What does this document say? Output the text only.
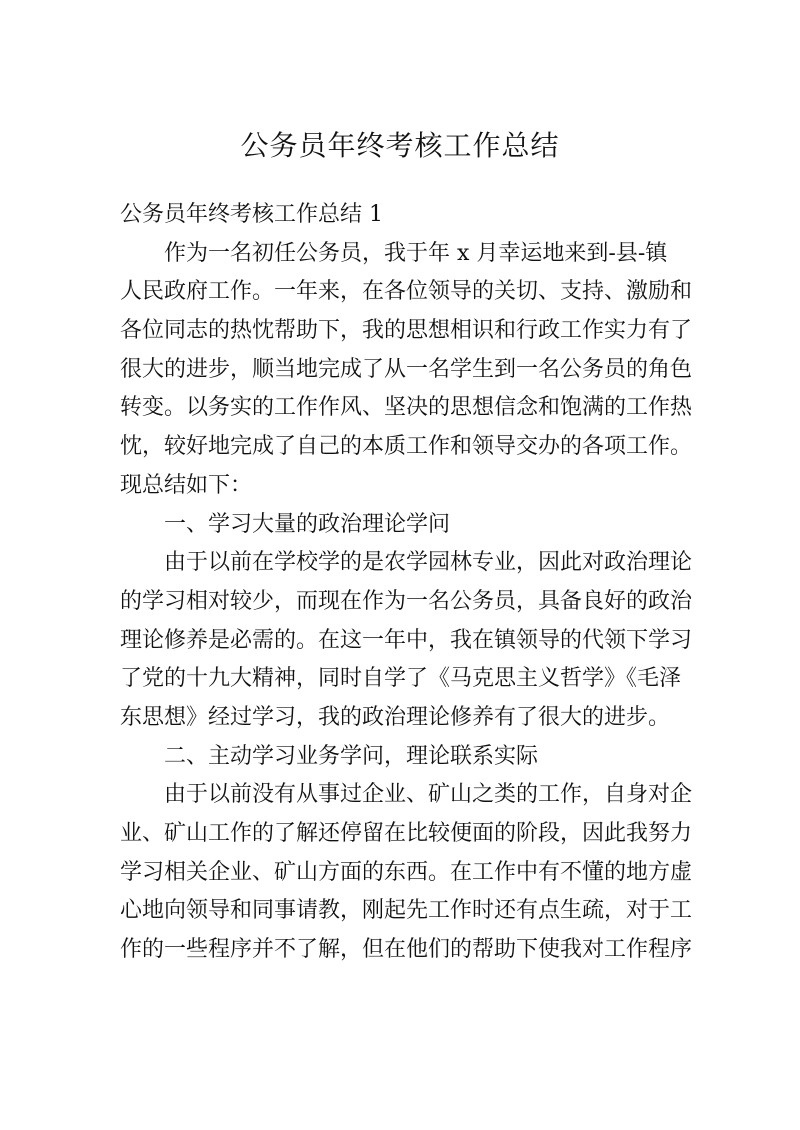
公务员年终考核工作总结
公务员年终考核工作总结 1
作为一名初任公务员，我于年 x 月幸运地来到-县-镇
人民政府工作。一年来，在各位领导的关切、支持、激励和
各位同志的热忱帮助下，我的思想相识和行政工作实力有了
很大的进步，顺当地完成了从一名学生到一名公务员的角色
转变。以务实的工作作风、坚决的思想信念和饱满的工作热
忱，较好地完成了自己的本质工作和领导交办的各项工作。
现总结如下：
一、学习大量的政治理论学问
由于以前在学校学的是农学园林专业，因此对政治理论
的学习相对较少，而现在作为一名公务员，具备良好的政治
理论修养是必需的。在这一年中，我在镇领导的代领下学习
了党的十九大精神，同时自学了《马克思主义哲学》《毛泽
东思想》经过学习，我的政治理论修养有了很大的进步。
二、主动学习业务学问，理论联系实际
由于以前没有从事过企业、矿山之类的工作，自身对企
业、矿山工作的了解还停留在比较便面的阶段，因此我努力
学习相关企业、矿山方面的东西。在工作中有不懂的地方虚
心地向领导和同事请教，刚起先工作时还有点生疏，对于工
作的一些程序并不了解，但在他们的帮助下使我对工作程序
